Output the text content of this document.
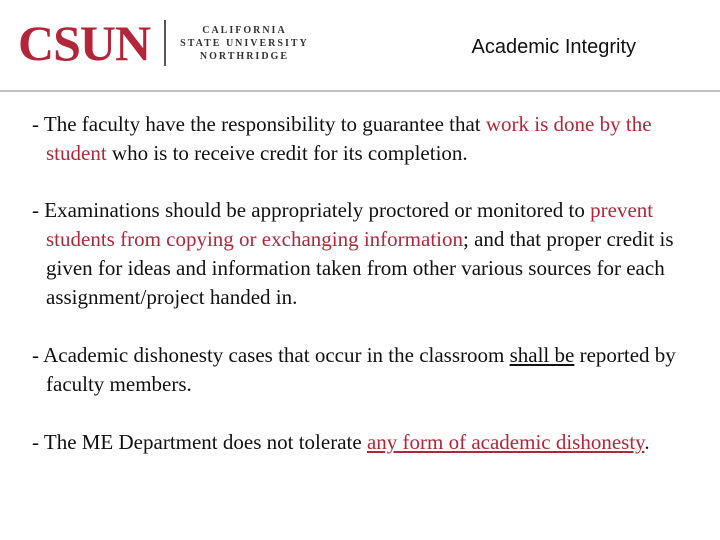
CSUN	CALIFORNIA
STATE UNIVERSITY
NORTHRIDGE	Academic Integrity

- The faculty have the responsibility to guarantee that work is done by the student who is to receive credit for its completion.

- Examinations should be appropriately proctored or monitored to prevent students from copying or exchanging information; and that proper credit is given for ideas and information taken from other various sources for each assignment/project handed in.

- Academic dishonesty cases that occur in the classroom shall be reported by faculty members.

- The ME Department does not tolerate any form of academic dishonesty.
